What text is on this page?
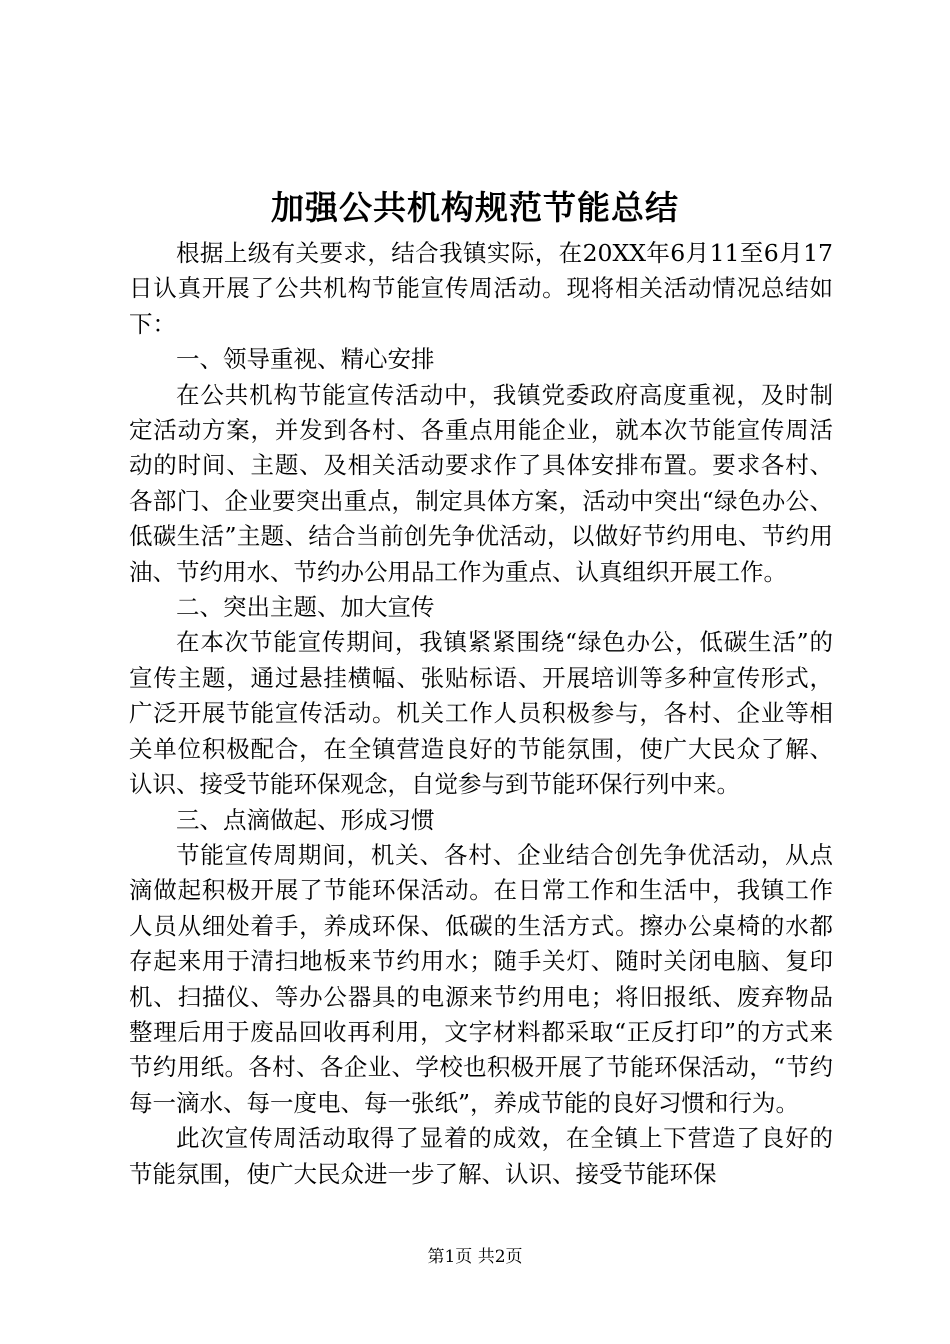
加强公共机构规范节能总结

根据上级有关要求，结合我镇实际，在20XX年6月11至6月17日认真开展了公共机构节能宣传周活动。现将相关活动情况总结如下：

一、领导重视、精心安排

在公共机构节能宣传活动中，我镇党委政府高度重视，及时制定活动方案，并发到各村、各重点用能企业，就本次节能宣传周活动的时间、主题、及相关活动要求作了具体安排布置。要求各村、各部门、企业要突出重点，制定具体方案，活动中突出“绿色办公、低碳生活”主题、结合当前创先争优活动，以做好节约用电、节约用油、节约用水、节约办公用品工作为重点、认真组织开展工作。

二、突出主题、加大宣传

在本次节能宣传期间，我镇紧紧围绕“绿色办公，低碳生活”的宣传主题，通过悬挂横幅、张贴标语、开展培训等多种宣传形式，广泛开展节能宣传活动。机关工作人员积极参与，各村、企业等相关单位积极配合，在全镇营造良好的节能氛围，使广大民众了解、认识、接受节能环保观念，自觉参与到节能环保行列中来。

三、点滴做起、形成习惯

节能宣传周期间，机关、各村、企业结合创先争优活动，从点滴做起积极开展了节能环保活动。在日常工作和生活中，我镇工作人员从细处着手，养成环保、低碳的生活方式。擦办公桌椅的水都存起来用于清扫地板来节约用水；随手关灯、随时关闭电脑、复印机、扫描仪、等办公器具的电源来节约用电；将旧报纸、废弃物品整理后用于废品回收再利用，文字材料都采取“正反打印”的方式来节约用纸。各村、各企业、学校也积极开展了节能环保活动，“节约每一滴水、每一度电、每一张纸”，养成节能的良好习惯和行为。

此次宣传周活动取得了显着的成效，在全镇上下营造了良好的节能氛围，使广大民众进一步了解、认识、接受节能环保

第1页 共2页
